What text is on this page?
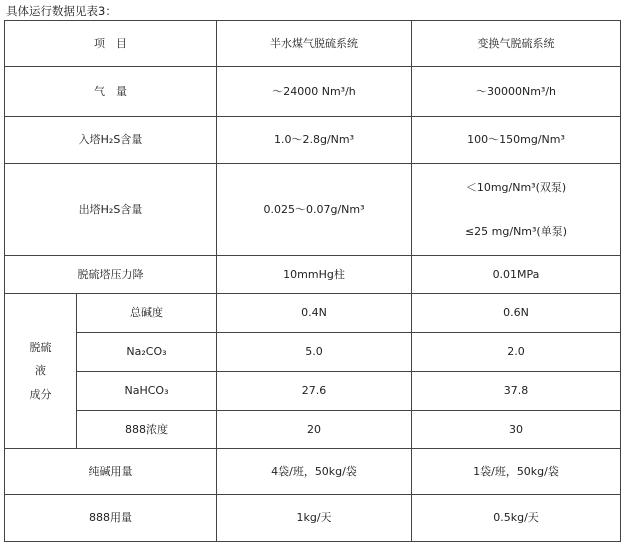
具体运行数据见表3：
项　目		半水煤气脱硫系统	变换气脱硫系统
气　量		～24000 Nm³/h	～30000Nm³/h
入塔H₂S含量		1.0～2.8g/Nm³	100～150mg/Nm³
出塔H₂S含量		0.025～0.07g/Nm³	＜10mg/Nm³(双泵)
≤25 mg/Nm³(单泵)

脱硫塔压力降		10mmHg柱	0.01MPa

脱硫
液
成分	总碱度	0.4N	0.6N
	Na₂CO₃	5.0	2.0
	NaHCO₃	27.6	37.8
	888浓度	20	30
纯碱用量		4袋/班，50kg/袋	1袋/班，50kg/袋
888用量		1kg/天	0.5kg/天
